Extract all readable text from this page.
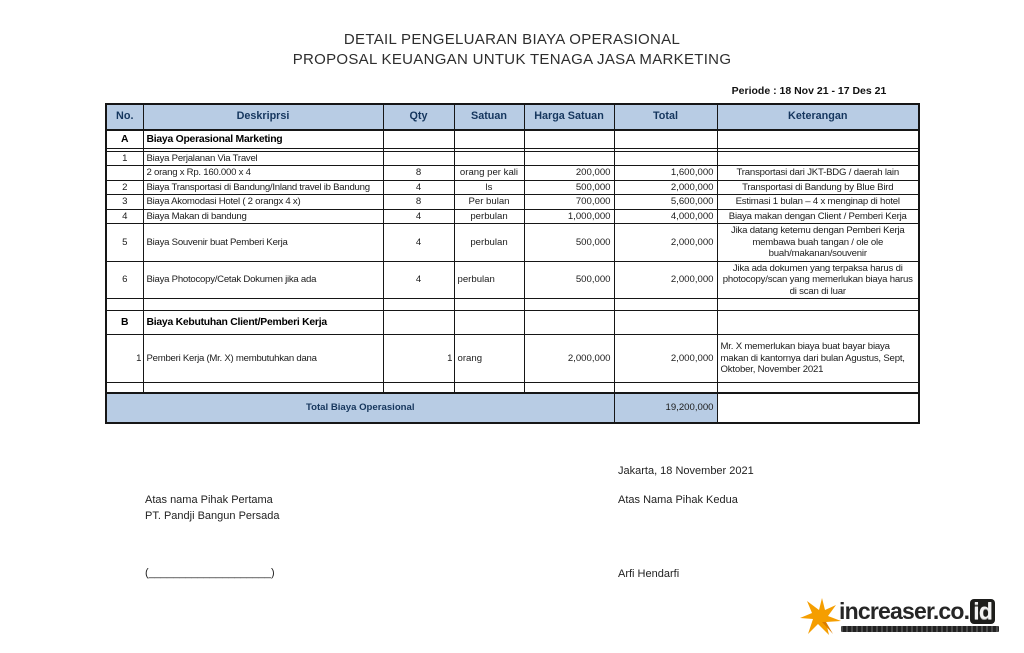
DETAIL PENGELUARAN BIAYA OPERASIONAL
PROPOSAL KEUANGAN UNTUK TENAGA JASA MARKETING
Periode : 18 Nov 21 - 17 Des 21
No.	Deskriprsi	Qty	Satuan	Harga Satuan	Total	Keterangan
A	Biaya Operasional Marketing					

1	Biaya Perjalanan Via Travel					
	2 orang x Rp. 160.000 x 4	8	orang per kali	200,000	1,600,000	Transportasi dari JKT-BDG / daerah lain
2	Biaya Transportasi di Bandung/Inland travel ib Bandung	4	ls	500,000	2,000,000	Transportasi di Bandung by Blue Bird
3	Biaya Akomodasi Hotel ( 2 orangx 4 x)	8	Per bulan	700,000	5,600,000	Estimasi 1 bulan – 4 x menginap di hotel
4	Biaya Makan di bandung	4	perbulan	1,000,000	4,000,000	Biaya makan dengan Client / Pemberi Kerja
5	Biaya Souvenir buat Pemberi Kerja	4	perbulan	500,000	2,000,000	Jika datang ketemu dengan Pemberi Kerja membawa buah tangan / ole ole buah/makanan/souvenir
6	Biaya Photocopy/Cetak Dokumen jika ada	4	perbulan	500,000	2,000,000	Jika ada dokumen yang terpaksa harus di photocopy/scan yang memerlukan biaya harus di scan di luar

B	Biaya Kebutuhan Client/Pemberi Kerja					
1	Pemberi Kerja (Mr. X) membutuhkan dana	1	orang	2,000,000	2,000,000	Mr. X memerlukan biaya buat bayar biaya makan di kantornya dari bulan Agustus, Sept, Oktober, November 2021

Total Biaya Operasional					19,200,000	
Jakarta, 18 November 2021
Atas nama Pihak Pertama
PT. Pandji Bangun Persada
Atas Nama Pihak Kedua
(____________________)	Arfi Hendarfi
increaser.co. id
